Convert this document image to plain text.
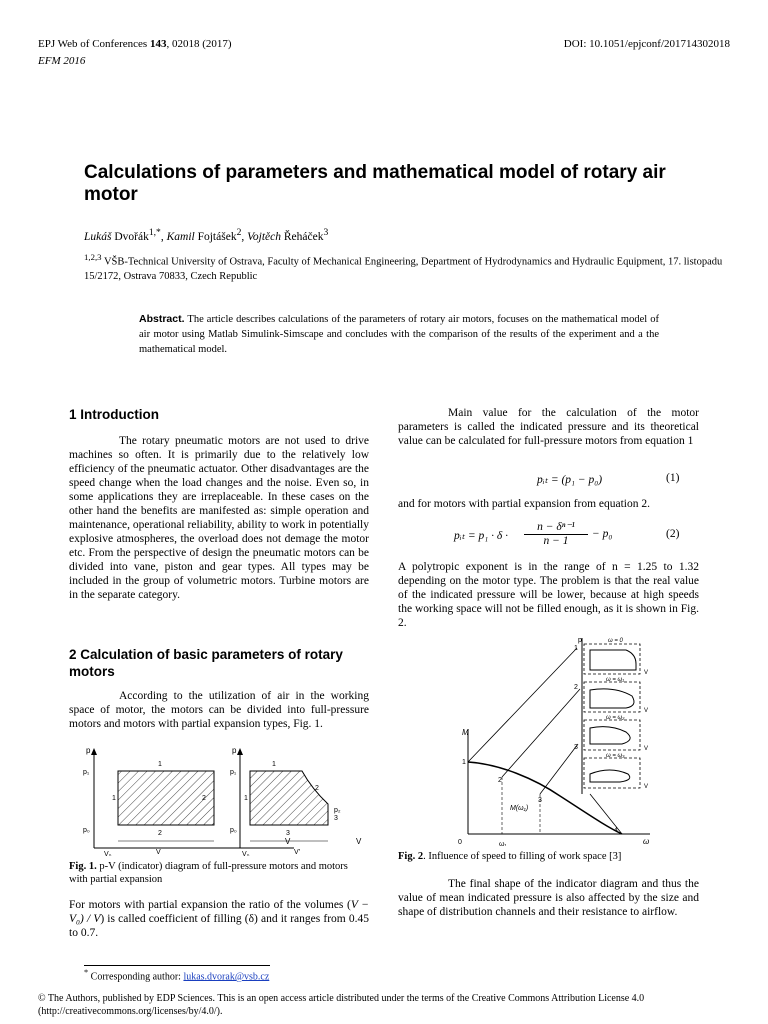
EPJ Web of Conferences 143, 02018 (2017)	DOI: 10.1051/epjconf/201714302018
EFM 2016
Calculations of parameters and mathematical model of rotary air motor
Lukáš Dvořák$^{1,*}$, Kamil Fojtášek$^2$, Vojtěch Řeháček$^3$
$^{1,2,3}$ VŠB-Technical University of Ostrava, Faculty of Mechanical Engineering, Department of Hydrodynamics and Hydraulic Equipment, 17. listopadu 15/2172, Ostrava 70833, Czech Republic
Abstract. The article describes calculations of the parameters of rotary air motors, focuses on the mathematical model of air motor using Matlab Simulink-Simscape and concludes with the comparison of the results of the experiment and a the mathematical model.
1 Introduction
The rotary pneumatic motors are not used to drive machines so often. It is primarily due to the relatively low efficiency of the pneumatic actuator. Other disadvantages are the speed change when the load changes and the noise. Even so, in some applications they are irreplaceable. In these cases on the other hand the benefits are manifested as: simple operation and maintenance, operational reliability, ability to work in potentially explosive atmospheres, the overload does not demage the motor etc. From the perspective of design the pneumatic motors can be divided into vane, piston and gear types. All types may be included in the group of volumetric motors. Turbine motors are in the separate category.
2 Calculation of basic parameters of rotary motors
According to the utilization of air in the working space of motor, the motors can be divided into full-pressure motors and motors with partial expansion types, Fig. 1.
p
V
p₁
p₀
1
1	2
2
V₀	V
p
p₁
p₀
1
1
2
p₂
3
3
V₀	V'
V
Fig. 1. p-V (indicator) diagram of full-pressure motors and motors with partial expansion
For motors with partial expansion the ratio of the volumes (V − V₀) / V) is called coefficient of filling (δ) and it ranges from 0.45 to 0.7.
Main value for the calculation of the motor parameters is called the indicated pressure and its theoretical value can be calculated for full-pressure motors from equation 1
pᵢₜ = (p₁ − p₀)	(1)
and for motors with partial expansion from equation 2.
pᵢₜ = p₁ · δ ·
n − δⁿ⁻¹
n − 1
− p₀	(2)
A polytropic exponent is in the range of n = 1.25 to 1.32 depending on the motor type. The problem is that the real value of the indicated pressure will be lower, because at high speeds the working space will not be filled enough, as it is shown in Fig. 2.
M
ω
0	ω₁
M(ω₁)
1
2
3
4
p
1
2
3
ω = 0
V
ω = ω₁
V
ω = ω₂
V
ω = ω₃
V
Fig. 2. Influence of speed to filling of work space [3]
The final shape of the indicator diagram and thus the value of mean indicated pressure is also affected by the size and shape of distribution channels and their resistance to airflow.
* Corresponding author: lukas.dvorak@vsb.cz
© The Authors, published by EDP Sciences. This is an open access article distributed under the terms of the Creative Commons Attribution License 4.0 (http://creativecommons.org/licenses/by/4.0/).
